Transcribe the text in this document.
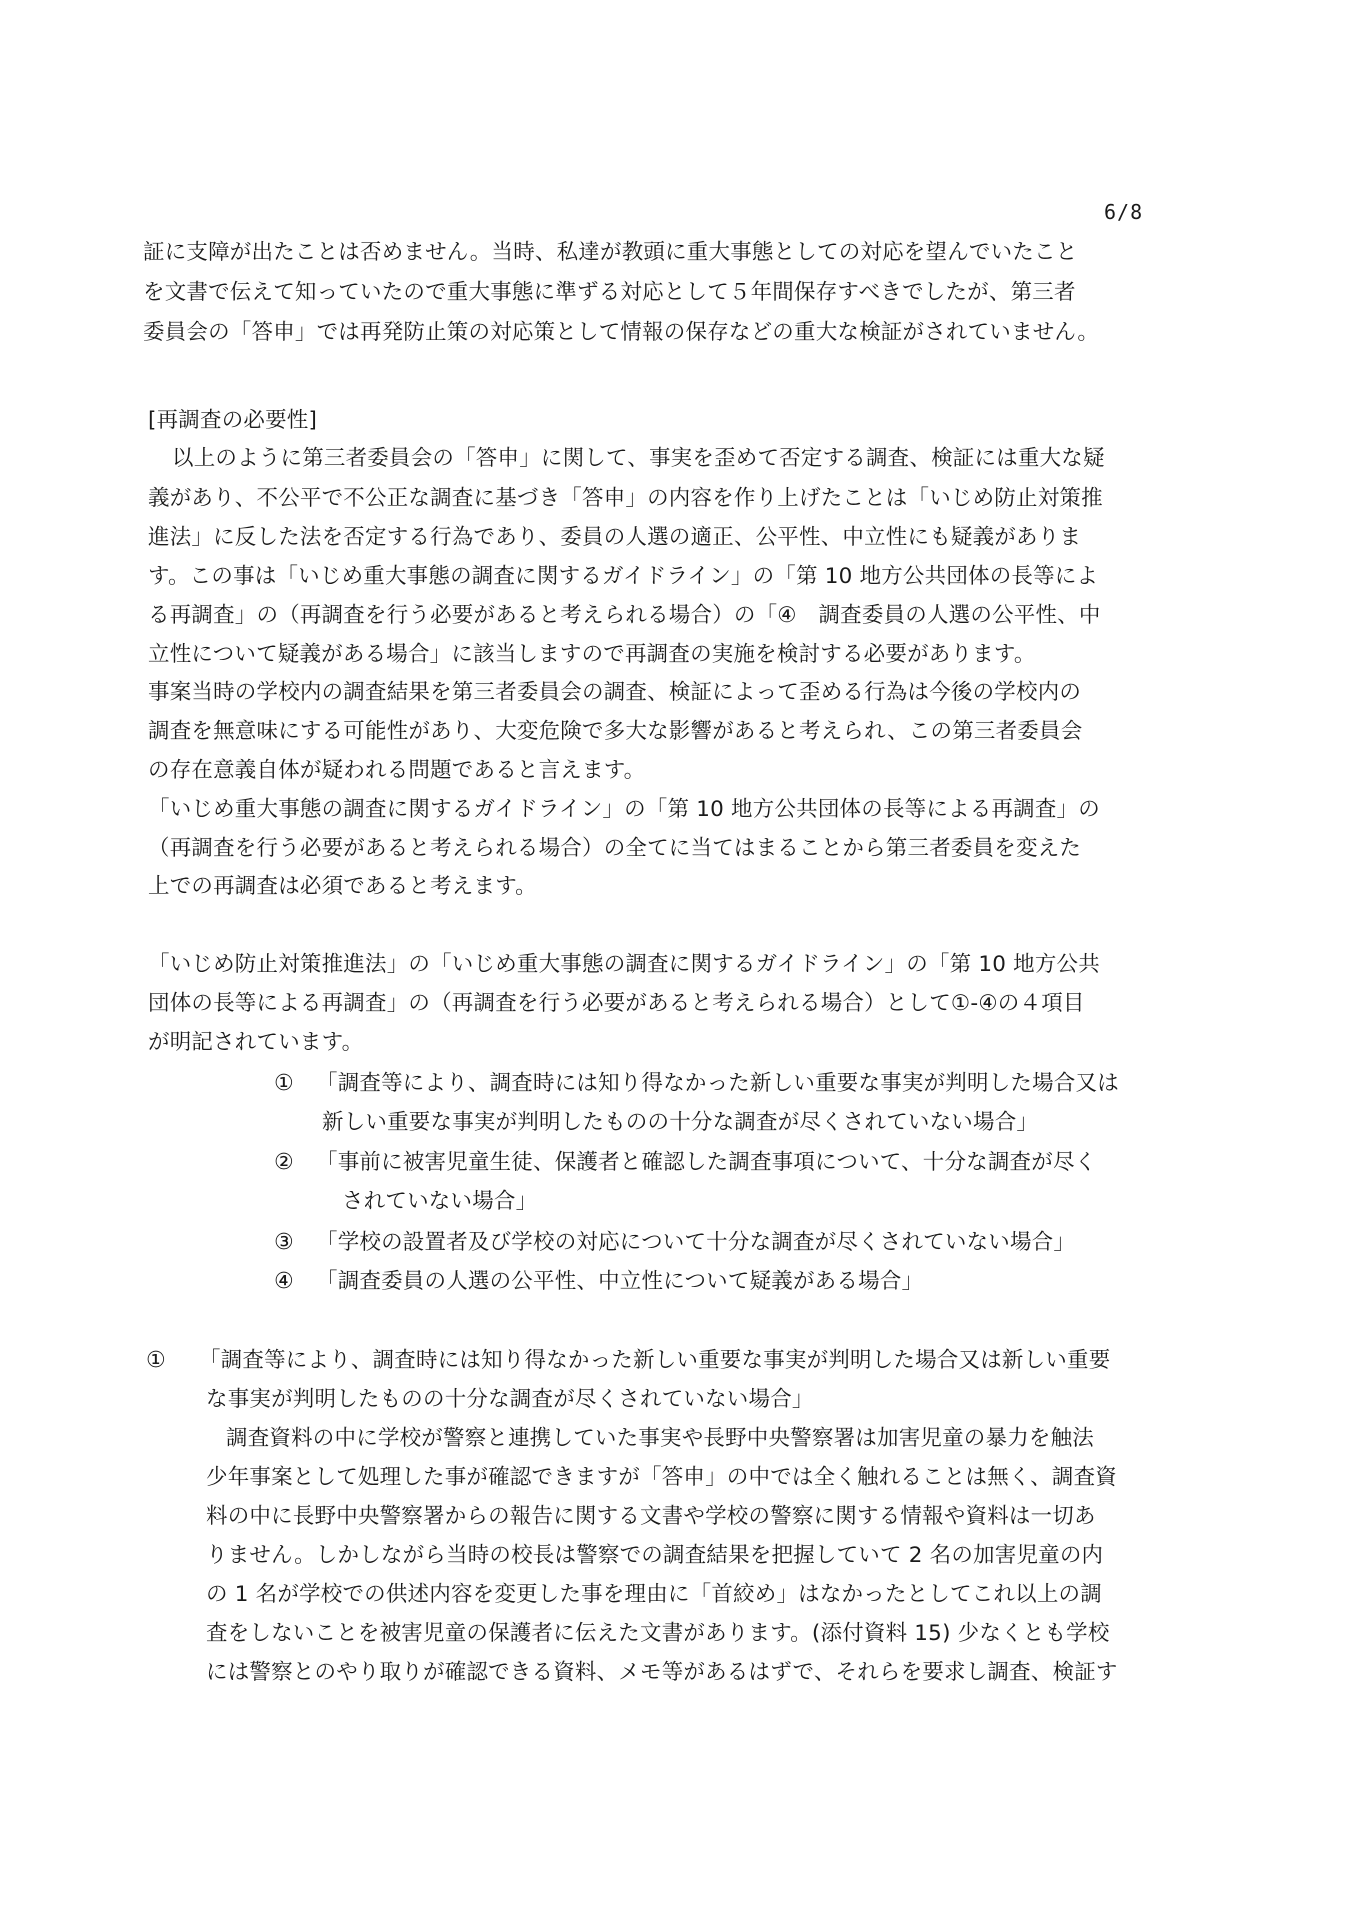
6/8
証に支障が出たことは否めません。当時、私達が教頭に重大事態としての対応を望んでいたこと
を文書で伝えて知っていたので重大事態に準ずる対応として５年間保存すべきでしたが、第三者
委員会の「答申」では再発防止策の対応策として情報の保存などの重大な検証がされていません。
[再調査の必要性]
以上のように第三者委員会の「答申」に関して、事実を歪めて否定する調査、検証には重大な疑
義があり、不公平で不公正な調査に基づき「答申」の内容を作り上げたことは「いじめ防止対策推
進法」に反した法を否定する行為であり、委員の人選の適正、公平性、中立性にも疑義がありま
す。この事は「いじめ重大事態の調査に関するガイドライン」の「第 10 地方公共団体の長等によ
る再調査」の（再調査を行う必要があると考えられる場合）の「④　調査委員の人選の公平性、中
立性について疑義がある場合」に該当しますので再調査の実施を検討する必要があります。
事案当時の学校内の調査結果を第三者委員会の調査、検証によって歪める行為は今後の学校内の
調査を無意味にする可能性があり、大変危険で多大な影響があると考えられ、この第三者委員会
の存在意義自体が疑われる問題であると言えます。
「いじめ重大事態の調査に関するガイドライン」の「第 10 地方公共団体の長等による再調査」の
（再調査を行う必要があると考えられる場合）の全てに当てはまることから第三者委員を変えた
上での再調査は必須であると考えます。
「いじめ防止対策推進法」の「いじめ重大事態の調査に関するガイドライン」の「第 10 地方公共
団体の長等による再調査」の（再調査を行う必要があると考えられる場合）として①-④の４項目
が明記されています。
① 「調査等により、調査時には知り得なかった新しい重要な事実が判明した場合又は
新しい重要な事実が判明したものの十分な調査が尽くされていない場合」
② 「事前に被害児童生徒、保護者と確認した調査事項について、十分な調査が尽く
されていない場合」
③ 「学校の設置者及び学校の対応について十分な調査が尽くされていない場合」
④ 「調査委員の人選の公平性、中立性について疑義がある場合」
① 「調査等により、調査時には知り得なかった新しい重要な事実が判明した場合又は新しい重要
な事実が判明したものの十分な調査が尽くされていない場合」
調査資料の中に学校が警察と連携していた事実や長野中央警察署は加害児童の暴力を触法
少年事案として処理した事が確認できますが「答申」の中では全く触れることは無く、調査資
料の中に長野中央警察署からの報告に関する文書や学校の警察に関する情報や資料は一切あ
りません。しかしながら当時の校長は警察での調査結果を把握していて 2 名の加害児童の内
の 1 名が学校での供述内容を変更した事を理由に「首絞め」はなかったとしてこれ以上の調
査をしないことを被害児童の保護者に伝えた文書があります。(添付資料 15) 少なくとも学校
には警察とのやり取りが確認できる資料、メモ等があるはずで、それらを要求し調査、検証す
